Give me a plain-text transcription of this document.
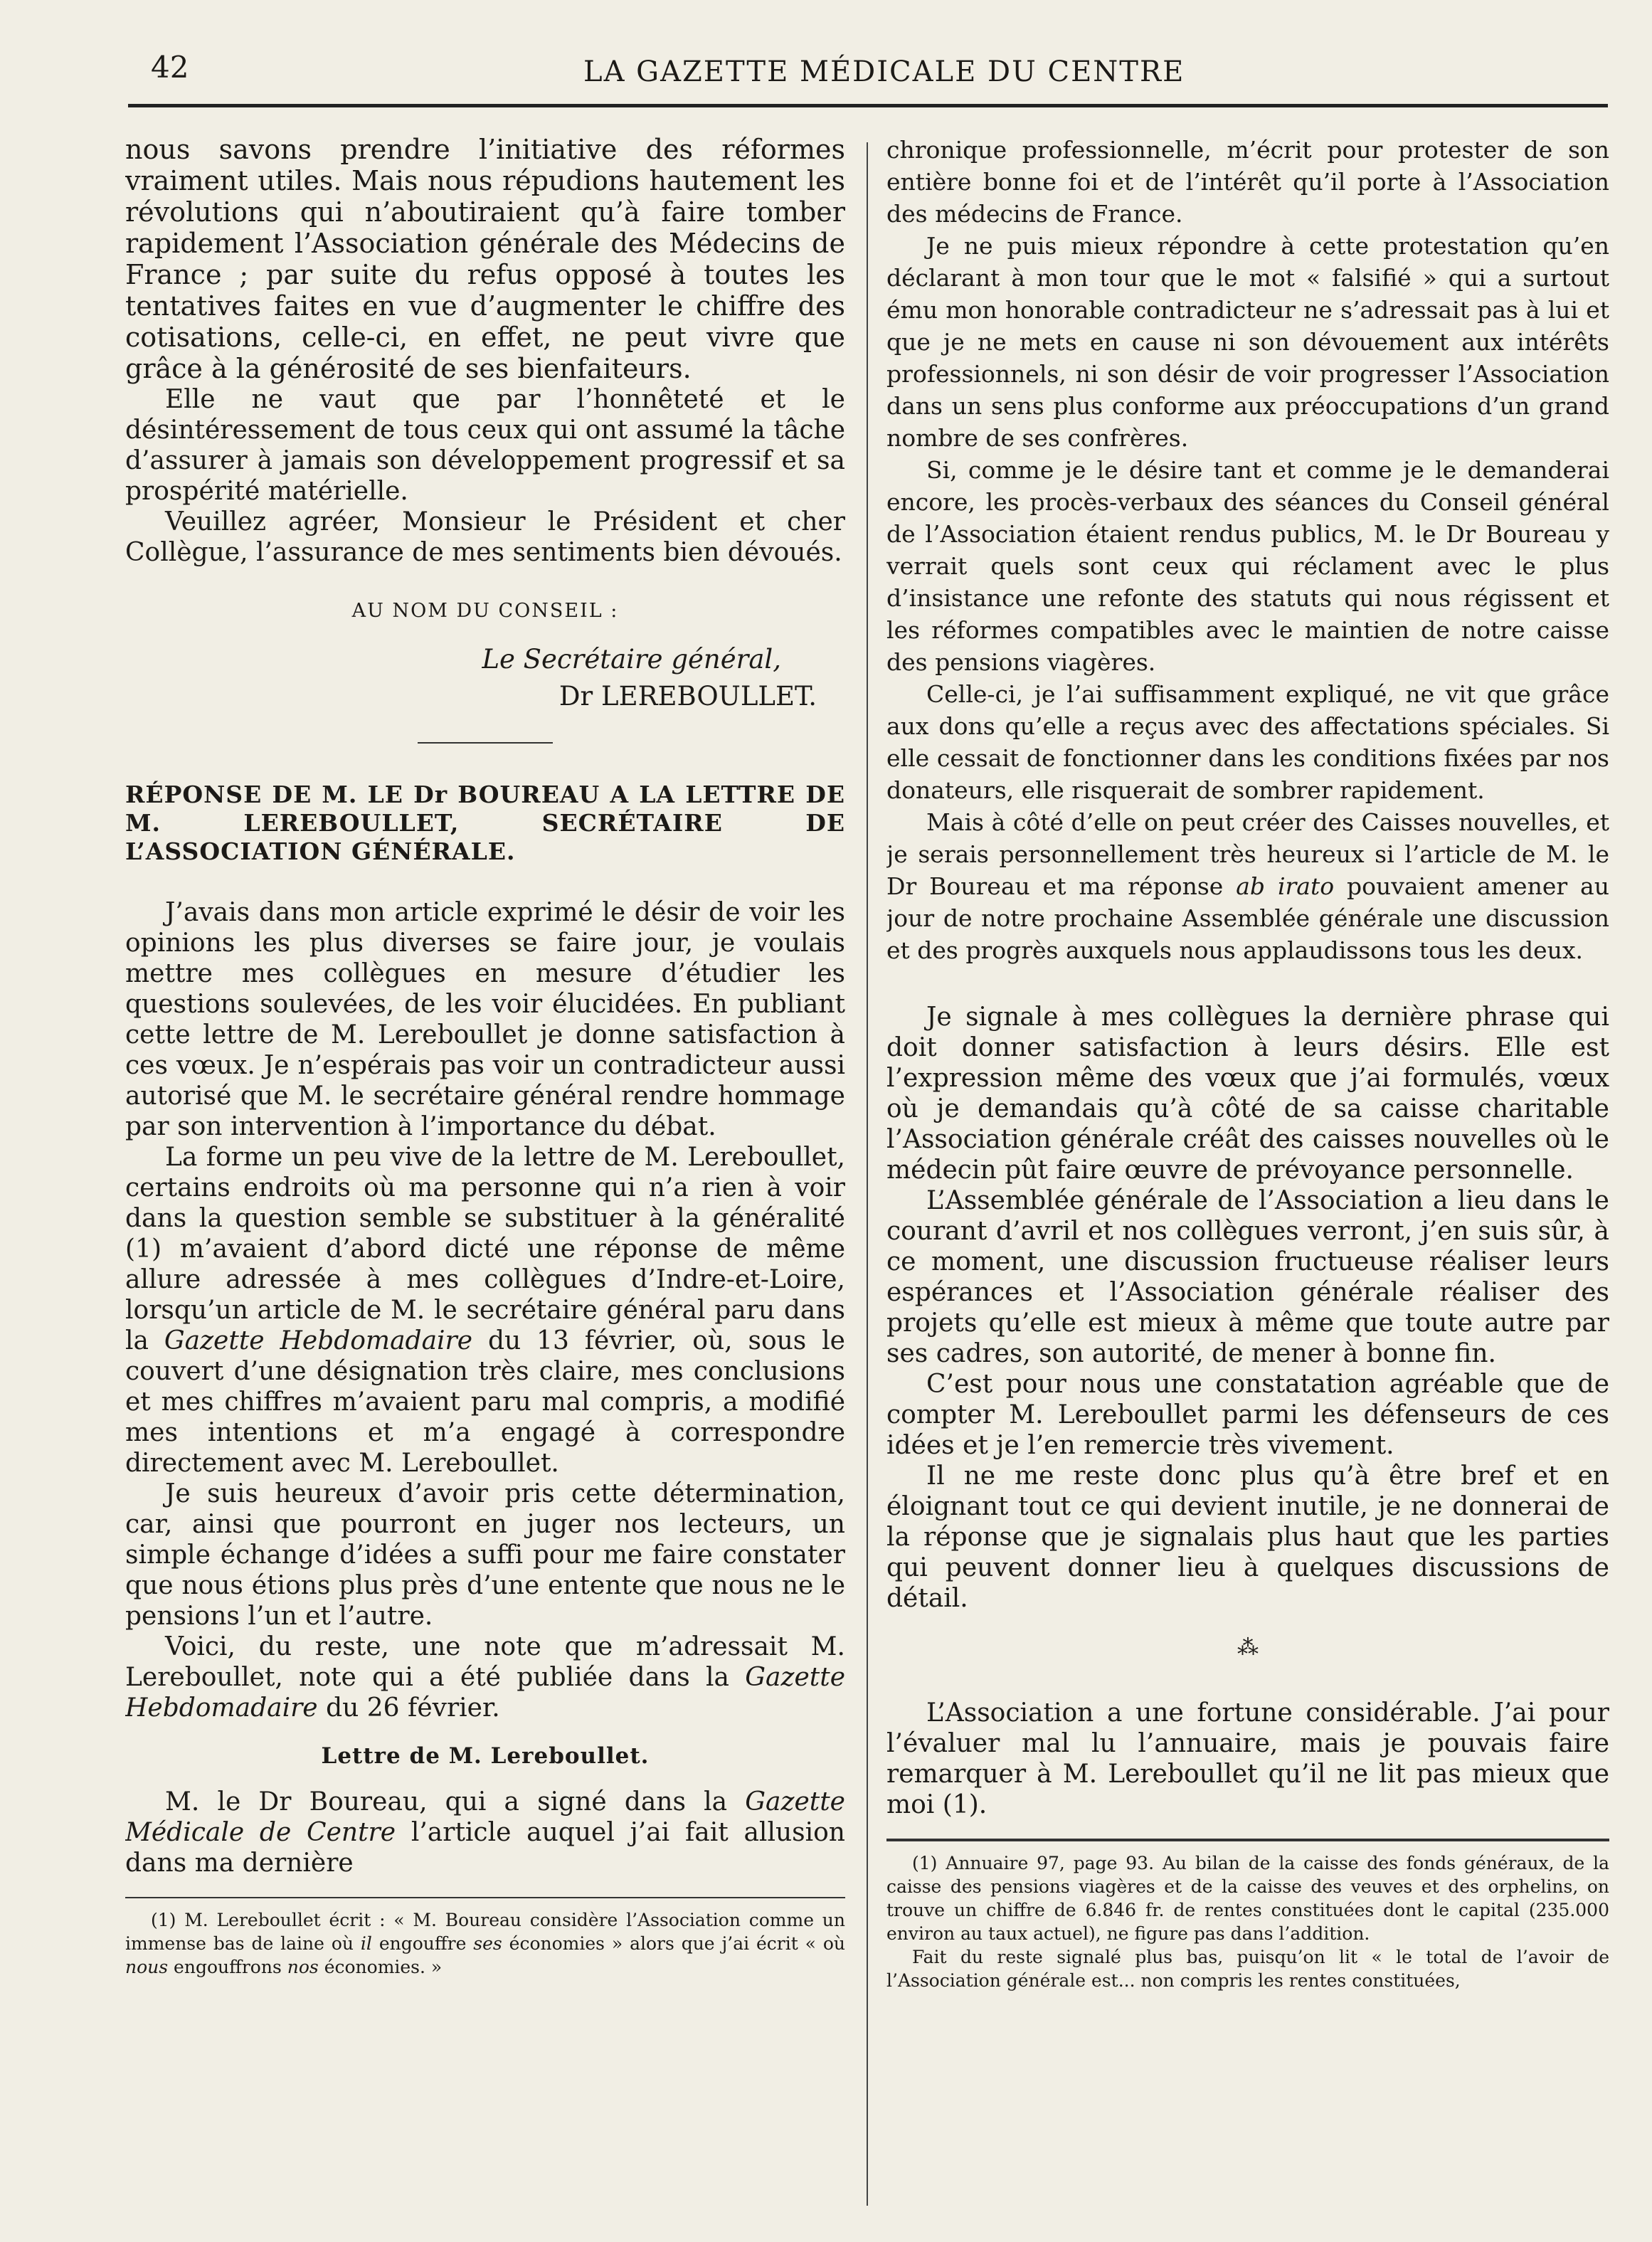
42	LA GAZETTE MÉDICALE DU CENTRE

nous savons prendre l’initiative des réformes vraiment utiles. Mais nous répudions hautement les révolutions qui n’aboutiraient qu’à faire tomber rapidement l’Association générale des Médecins de France ; par suite du refus opposé à toutes les tentatives faites en vue d’augmenter le chiffre des cotisations, celle-ci, en effet, ne peut vivre que grâce à la générosité de ses bienfaiteurs.

Elle ne vaut que par l’honnêteté et le désintéressement de tous ceux qui ont assumé la tâche d’assurer à jamais son développement progressif et sa prospérité matérielle.

Veuillez agréer, Monsieur le Président et cher Collègue, l’assurance de mes sentiments bien dévoués.

AU NOM DU CONSEIL :
Le Secrétaire général,
Dr LEREBOULLET.
RÉPONSE DE M. LE Dr BOUREAU A LA LETTRE DE M. LEREBOULLET, SECRÉTAIRE DE L’ASSOCIATION GÉNÉRALE.

J’avais dans mon article exprimé le désir de voir les opinions les plus diverses se faire jour, je voulais mettre mes collègues en mesure d’étudier les questions soulevées, de les voir élucidées. En publiant cette lettre de M. Lereboullet je donne satisfaction à ces vœux. Je n’espérais pas voir un contradicteur aussi autorisé que M. le secrétaire général rendre hommage par son intervention à l’importance du débat.

La forme un peu vive de la lettre de M. Lereboullet, certains endroits où ma personne qui n’a rien à voir dans la question semble se substituer à la généralité (1) m’avaient d’abord dicté une réponse de même allure adressée à mes collègues d’Indre-et-Loire, lorsqu’un article de M. le secrétaire général paru dans la Gazette Hebdomadaire du 13 février, où, sous le couvert d’une désignation très claire, mes conclusions et mes chiffres m’avaient paru mal compris, a modifié mes intentions et m’a engagé à correspondre directement avec M. Lereboullet.

Je suis heureux d’avoir pris cette détermination, car, ainsi que pourront en juger nos lecteurs, un simple échange d’idées a suffi pour me faire constater que nous étions plus près d’une entente que nous ne le pensions l’un et l’autre.

Voici, du reste, une note que m’adressait M. Lereboullet, note qui a été publiée dans la Gazette Hebdomadaire du 26 février.

Lettre de M. Lereboullet.

M. le Dr Boureau, qui a signé dans la Gazette Médicale de Centre l’article auquel j’ai fait allusion dans ma dernière

(1) M. Lereboullet écrit : « M. Boureau considère l’Association comme un immense bas de laine où il engouffre ses économies » alors que j’ai écrit « où nous engouffrons nos économies. »

chronique professionnelle, m’écrit pour protester de son entière bonne foi et de l’intérêt qu’il porte à l’Association des médecins de France.

Je ne puis mieux répondre à cette protestation qu’en déclarant à mon tour que le mot « falsifié » qui a surtout ému mon honorable contradicteur ne s’adressait pas à lui et que je ne mets en cause ni son dévouement aux intérêts professionnels, ni son désir de voir progresser l’Association dans un sens plus conforme aux préoccupations d’un grand nombre de ses confrères.

Si, comme je le désire tant et comme je le demanderai encore, les procès-verbaux des séances du Conseil général de l’Association étaient rendus publics, M. le Dr Boureau y verrait quels sont ceux qui réclament avec le plus d’insistance une refonte des statuts qui nous régissent et les réformes compatibles avec le maintien de notre caisse des pensions viagères.

Celle-ci, je l’ai suffisamment expliqué, ne vit que grâce aux dons qu’elle a reçus avec des affectations spéciales. Si elle cessait de fonctionner dans les conditions fixées par nos donateurs, elle risquerait de sombrer rapidement.

Mais à côté d’elle on peut créer des Caisses nouvelles, et je serais personnellement très heureux si l’article de M. le Dr Boureau et ma réponse ab irato pouvaient amener au jour de notre prochaine Assemblée générale une discussion et des progrès auxquels nous applaudissons tous les deux.

Je signale à mes collègues la dernière phrase qui doit donner satisfaction à leurs désirs. Elle est l’expression même des vœux que j’ai formulés, vœux où je demandais qu’à côté de sa caisse charitable l’Association générale créât des caisses nouvelles où le médecin pût faire œuvre de prévoyance personnelle.

L’Assemblée générale de l’Association a lieu dans le courant d’avril et nos collègues verront, j’en suis sûr, à ce moment, une discussion fructueuse réaliser leurs espérances et l’Association générale réaliser des projets qu’elle est mieux à même que toute autre par ses cadres, son autorité, de mener à bonne fin.

C’est pour nous une constatation agréable que de compter M. Lereboullet parmi les défenseurs de ces idées et je l’en remercie très vivement.

Il ne me reste donc plus qu’à être bref et en éloignant tout ce qui devient inutile, je ne donnerai de la réponse que je signalais plus haut que les parties qui peuvent donner lieu à quelques discussions de détail.

⁂

L’Association a une fortune considérable. J’ai pour l’évaluer mal lu l’annuaire, mais je pouvais faire remarquer à M. Lereboullet qu’il ne lit pas mieux que moi (1).

(1) Annuaire 97, page 93. Au bilan de la caisse des fonds généraux, de la caisse des pensions viagères et de la caisse des veuves et des orphelins, on trouve un chiffre de 6.846 fr. de rentes constituées dont le capital (235.000 environ au taux actuel), ne figure pas dans l’addition.

Fait du reste signalé plus bas, puisqu’on lit « le total de l’avoir de l’Association générale est... non compris les rentes constituées,
